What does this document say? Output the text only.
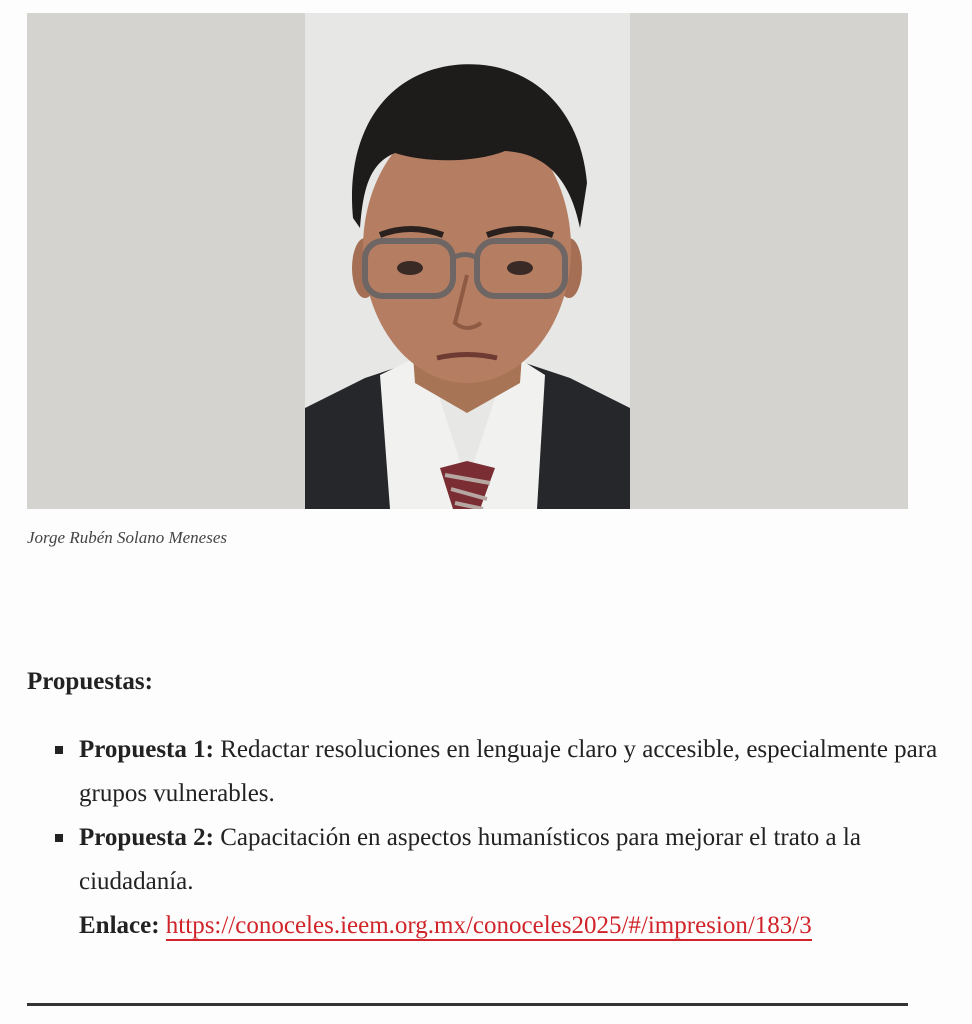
Jorge Rubén Solano Meneses
Propuestas:
Propuesta 1: Redactar resoluciones en lenguaje claro y accesible, especialmente para grupos vulnerables.
Propuesta 2: Capacitación en aspectos humanísticos para mejorar el trato a la ciudadanía.
Enlace: https://conoceles.ieem.org.mx/conoceles2025/#/impresion/183/3
